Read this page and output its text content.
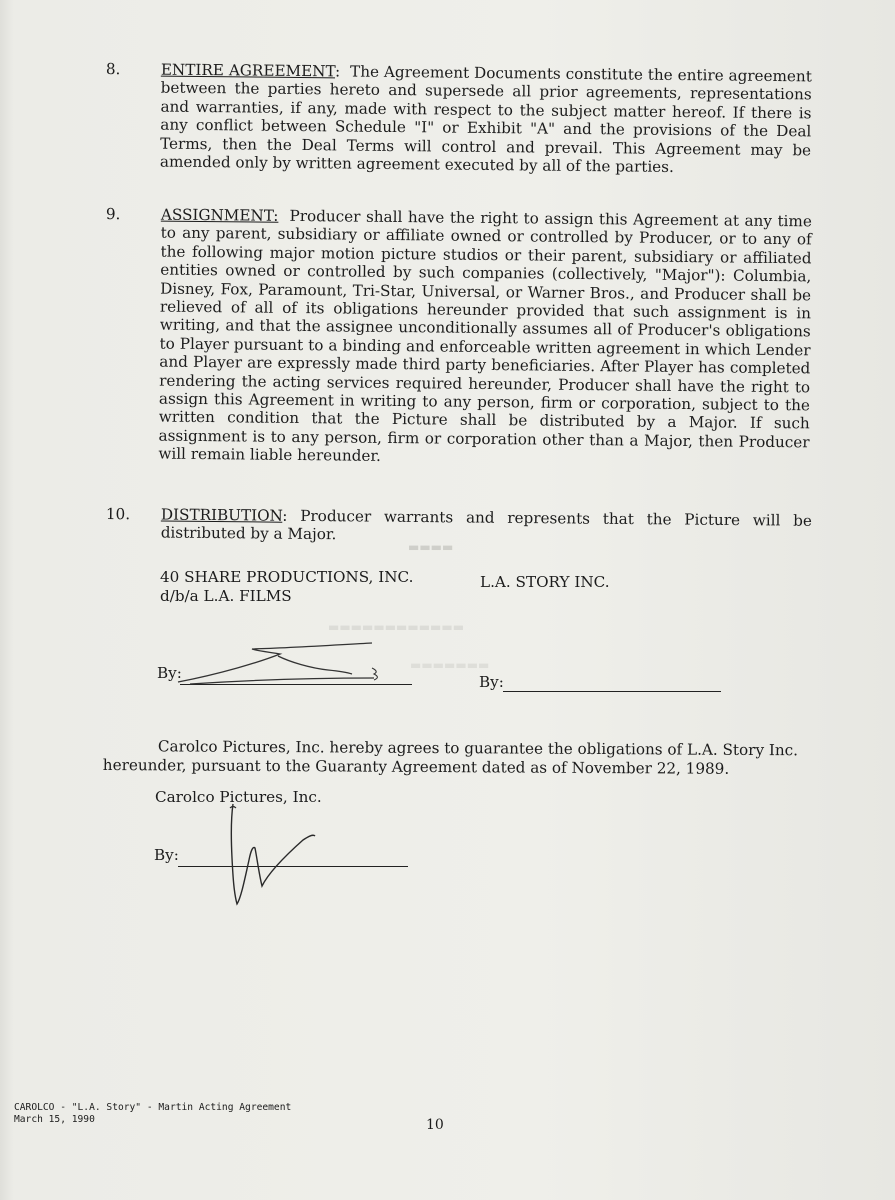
8.	ENTIRE AGREEMENT:  The Agreement Documents constitute the entire agreement between the parties hereto and supersede all prior agreements, representations and warranties, if any, made with respect to the subject matter hereof. If there is any conflict between Schedule "I" or Exhibit "A" and the provisions of the Deal Terms, then the Deal Terms will control and prevail. This Agreement may be amended only by written agreement executed by all of the parties.
9.	ASSIGNMENT: Producer shall have the right to assign this Agreement at any time to any parent, subsidiary or affiliate owned or controlled by Producer, or to any of the following major motion picture studios or their parent, subsidiary or affiliated entities owned or controlled by such companies (collectively, "Major"): Columbia, Disney, Fox, Paramount, Tri-Star, Universal, or Warner Bros., and Producer shall be relieved of all of its obligations hereunder provided that such assignment is in writing, and that the assignee unconditionally assumes all of Producer's obligations to Player pursuant to a binding and enforceable written agreement in which Lender and Player are expressly made third party beneficiaries. After Player has completed rendering the acting services required hereunder, Producer shall have the right to assign this Agreement in writing to any person, firm or corporation, subject to the written condition that the Picture shall be distributed by a Major. If such assignment is to any person, firm or corporation other than a Major, then Producer will remain liable hereunder.
10. DISTRIBUTION: Producer warrants and represents that the Picture will be distributed by a Major.
▬▬▬▬
▬▬▬▬▬▬▬▬▬▬▬▬
▬▬▬▬▬▬▬
40 SHARE PRODUCTIONS, INC.
d/b/a L.A. FILMS
L.A. STORY INC.
By:	By:
Carolco Pictures, Inc. hereby agrees to guarantee the obligations of L.A. Story Inc.
hereunder, pursuant to the Guaranty Agreement dated as of November 22, 1989.
Carolco Pictures, Inc.
By:
CAROLCO - "L.A. Story" - Martin Acting Agreement
March 15, 1990	10
